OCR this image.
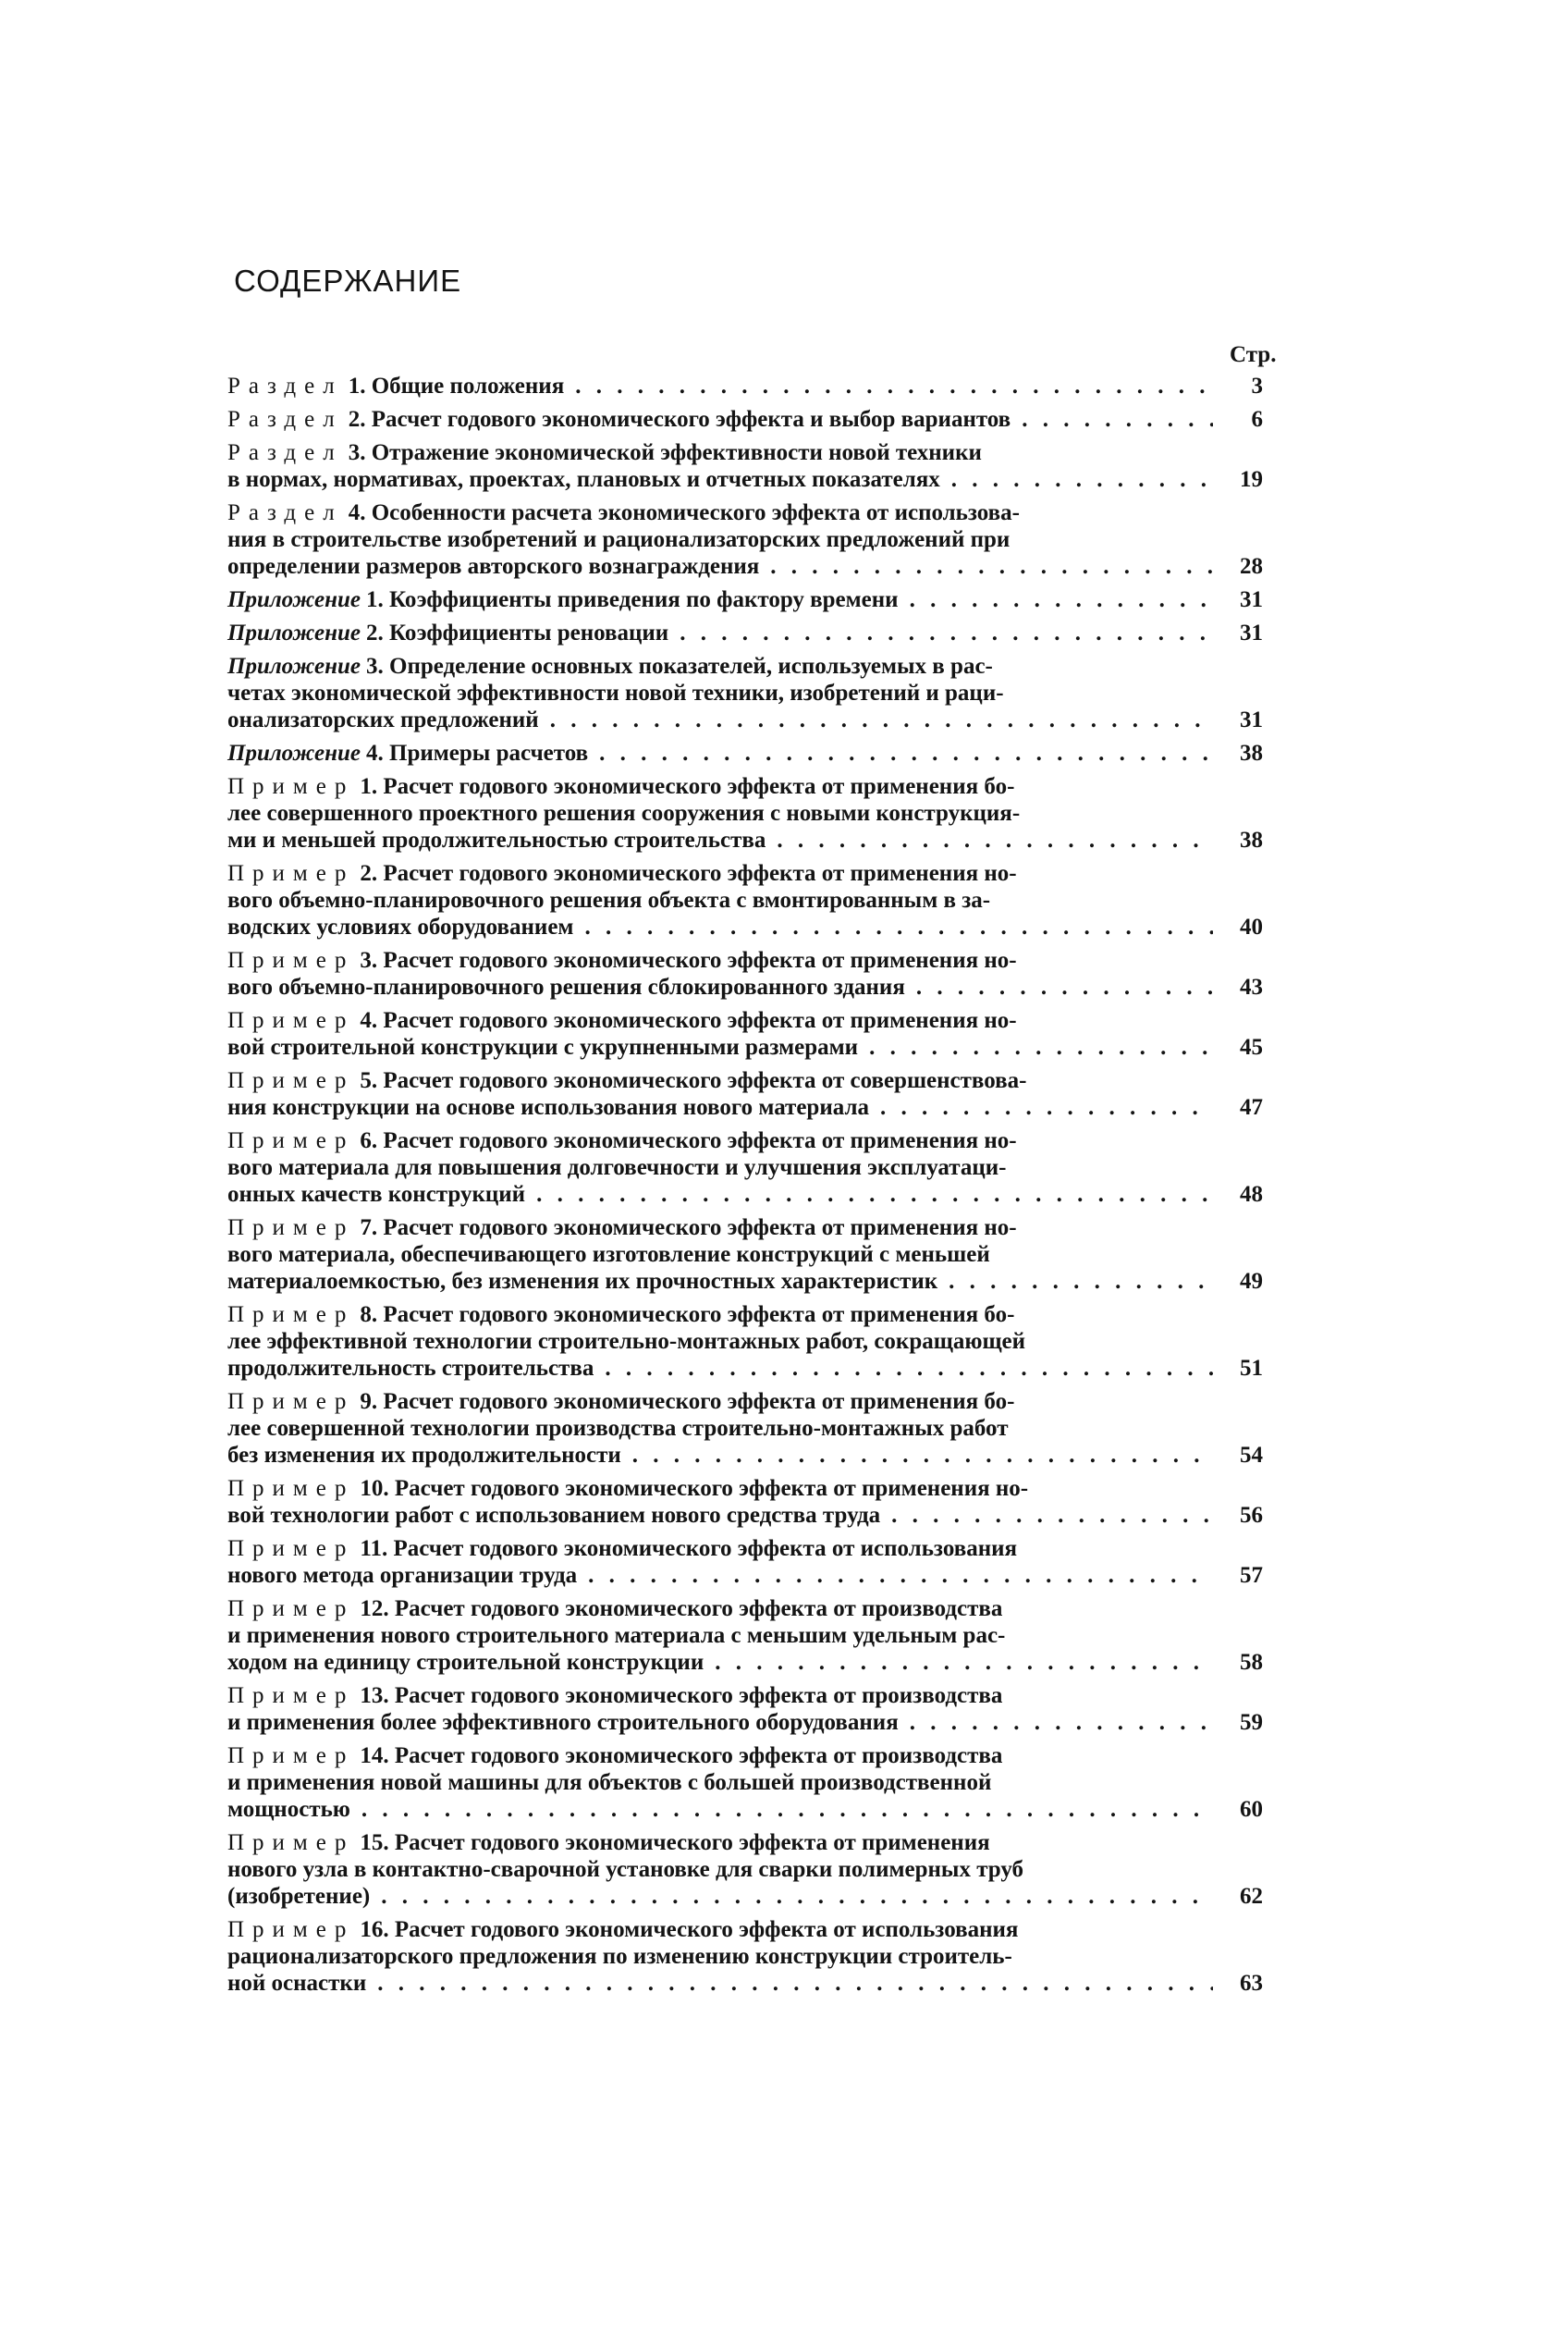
СОДЕРЖАНИЕ
Стр.
Раздел 1. Общие положения . . .	3
Раздел 2. Расчет годового экономического эффекта и выбор вариантов . . .	6
Раздел 3. Отражение экономической эффективности новой техники
в нормах, нормативах, проектах, плановых и отчетных показателях . . .	19
Раздел 4. Особенности расчета экономического эффекта от использова-
ния в строительстве изобретений и рационализаторских предложений при
определении размеров авторского вознаграждения . . .	28
Приложение 1. Коэффициенты приведения по фактору времени . . .	31
Приложение 2. Коэффициенты реновации . . .	31
Приложение 3. Определение основных показателей, используемых в рас-
четах экономической эффективности новой техники, изобретений и раци-
онализаторских предложений . . .	31
Приложение 4. Примеры расчетов . . .	38
Пример 1. Расчет годового экономического эффекта от применения бо-
лее совершенного проектного решения сооружения с новыми конструкция-
ми и меньшей продолжительностью строительства . . .	38
Пример 2. Расчет годового экономического эффекта от применения но-
вого объемно-планировочного решения объекта с вмонтированным в за-
водских условиях оборудованием . . .	40
Пример 3. Расчет годового экономического эффекта от применения но-
вого объемно-планировочного решения сблокированного здания . . .	43
Пример 4. Расчет годового экономического эффекта от применения но-
вой строительной конструкции с укрупненными размерами . . .	45
Пример 5. Расчет годового экономического эффекта от совершенствова-
ния конструкции на основе использования нового материала . . .	47
Пример 6. Расчет годового экономического эффекта от применения но-
вого материала для повышения долговечности и улучшения эксплуатаци-
онных качеств конструкций . . .	48
Пример 7. Расчет годового экономического эффекта от применения но-
вого материала, обеспечивающего изготовление конструкций с меньшей
материалоемкостью, без изменения их прочностных характеристик . . .	49
Пример 8. Расчет годового экономического эффекта от применения бо-
лее эффективной технологии строительно-монтажных работ, сокращающей
продолжительность строительства . . .	51
Пример 9. Расчет годового экономического эффекта от применения бо-
лее совершенной технологии производства строительно-монтажных работ
без изменения их продолжительности . . .	54
Пример 10. Расчет годового экономического эффекта от применения но-
вой технологии работ с использованием нового средства труда . . .	56
Пример 11. Расчет годового экономического эффекта от использования
нового метода организации труда . . .	57
Пример 12. Расчет годового экономического эффекта от производства
и применения нового строительного материала с меньшим удельным рас-
ходом на единицу строительной конструкции . . .	58
Пример 13. Расчет годового экономического эффекта от производства
и применения более эффективного строительного оборудования . . .	59
Пример 14. Расчет годового экономического эффекта от производства
и применения новой машины для объектов с большей производственной
мощностью . . .	60
Пример 15. Расчет годового экономического эффекта от применения
нового узла в контактно-сварочной установке для сварки полимерных труб
(изобретение) . . .	62
Пример 16. Расчет годового экономического эффекта от использования
рационализаторского предложения по изменению конструкции строитель-
ной оснастки . . .	63
